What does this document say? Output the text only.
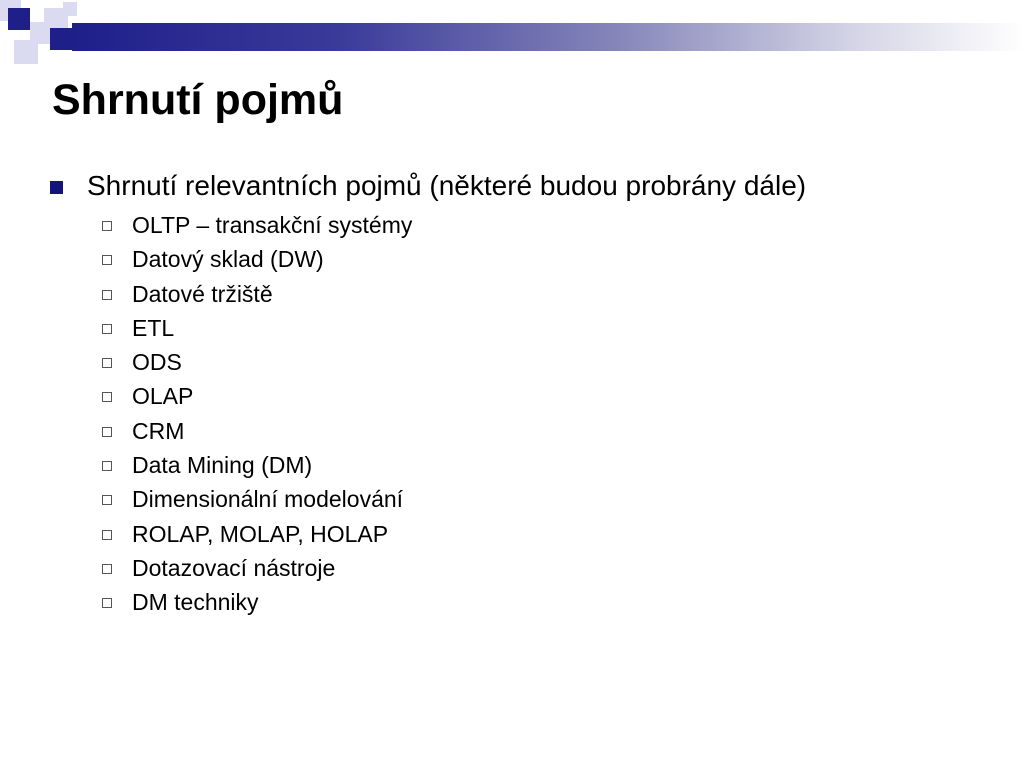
Shrnutí pojmů
Shrnutí relevantních pojmů (některé budou probrány dále)
OLTP – transakční systémy
Datový sklad (DW)
Datové tržiště
ETL
ODS
OLAP
CRM
Data Mining (DM)
Dimensionální modelování
ROLAP, MOLAP, HOLAP
Dotazovací nástroje
DM techniky
